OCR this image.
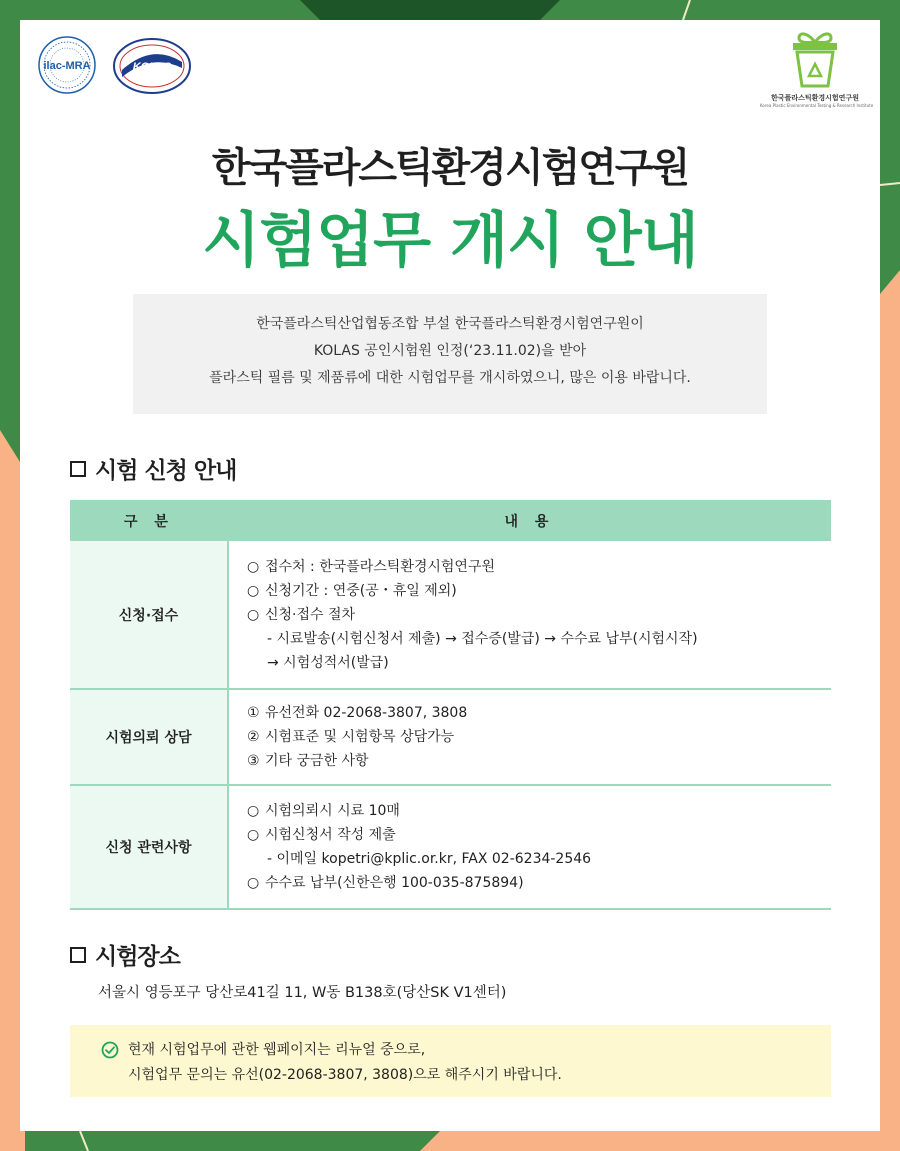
ilac-MRA	KOLAS
한국플라스틱환경시험연구원
Korea Plastic Environmental Testing & Research Institute
한국플라스틱환경시험연구원
시험업무 개시 안내
한국플라스틱산업협동조합 부설 한국플라스틱환경시험연구원이
KOLAS 공인시험원 인정(‘23.11.02)을 받아
플라스틱 필름 및 제품류에 대한 시험업무를 개시하였으니, 많은 이용 바랍니다.
시험 신청 안내
구 분	내 용
신청·접수	○ 접수처 : 한국플라스틱환경시험연구원
○ 신청기간 : 연중(공・휴일 제외)
○ 신청·접수 절차
- 시료발송(시험신청서 제출) → 접수증(발급) → 수수료 납부(시험시작)
→ 시험성적서(발급)

시험의뢰 상담	① 유선전화 02-2068-3807, 3808
② 시험표준 및 시험항목 상담가능
③ 기타 궁금한 사항

신청 관련사항	○ 시험의뢰시 시료 10매
○ 시험신청서 작성 제출
- 이메일 kopetri@kplic.or.kr, FAX 02-6234-2546
○ 수수료 납부(신한은행 100-035-875894)
시험장소
서울시 영등포구 당산로41길 11, W동 B138호(당산SK V1센터)
현재 시험업무에 관한 웹페이지는 리뉴얼 중으로,
시험업무 문의는 유선(02-2068-3807, 3808)으로 해주시기 바랍니다.
